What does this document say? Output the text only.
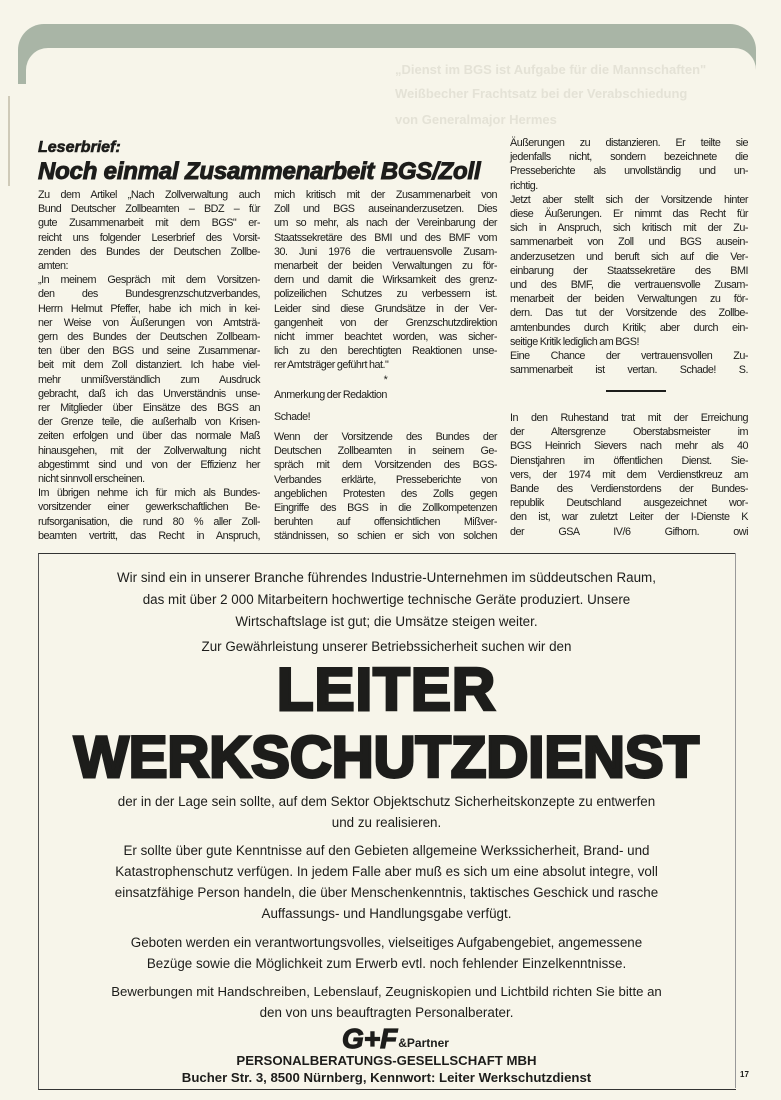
„Dienst im BGS ist Aufgabe für die Mannschaften"
Weißbecher Frachtsatz bei der Verabschiedung
von Generalmajor Hermes
Leserbrief:
Noch einmal Zusammenarbeit BGS/Zoll
Zu dem Artikel „Nach Zollverwaltung auch
Bund Deutscher Zollbeamten – BDZ – für
gute Zusammenarbeit mit dem BGS" er-
reicht uns folgender Leserbrief des Vorsit-
zenden des Bundes der Deutschen Zollbe-
amten:
„In meinem Gespräch mit dem Vorsitzen-
den des Bundesgrenzschutzverbandes,
Herrn Helmut Pfeffer, habe ich mich in kei-
ner Weise von Äußerungen von Amtsträ-
gern des Bundes der Deutschen Zollbeam-
ten über den BGS und seine Zusammenar-
beit mit dem Zoll distanziert. Ich habe viel-
mehr unmißverständlich zum Ausdruck
gebracht, daß ich das Unverständnis unse-
rer Mitglieder über Einsätze des BGS an
der Grenze teile, die außerhalb von Krisen-
zeiten erfolgen und über das normale Maß
hinausgehen, mit der Zollverwaltung nicht
abgestimmt sind und von der Effizienz her
nicht sinnvoll erscheinen.
Im übrigen nehme ich für mich als Bundes-
vorsitzender einer gewerkschaftlichen Be-
rufsorganisation, die rund 80 % aller Zoll-
beamten vertritt, das Recht in Anspruch,
mich kritisch mit der Zusammenarbeit von
Zoll und BGS auseinanderzusetzen. Dies
um so mehr, als nach der Vereinbarung der
Staatssekretäre des BMI und des BMF vom
30. Juni 1976 die vertrauensvolle Zusam-
menarbeit der beiden Verwaltungen zu för-
dern und damit die Wirksamkeit des grenz-
polizeilichen Schutzes zu verbessern ist.
Leider sind diese Grundsätze in der Ver-
gangenheit von der Grenzschutzdirektion
nicht immer beachtet worden, was sicher-
lich zu den berechtigten Reaktionen unse-
rer Amtsträger geführt hat."
*
Anmerkung der Redaktion
Schade!
Wenn der Vorsitzende des Bundes der
Deutschen Zollbeamten in seinem Ge-
spräch mit dem Vorsitzenden des BGS-
Verbandes erklärte, Presseberichte von
angeblichen Protesten des Zolls gegen
Eingriffe des BGS in die Zollkompetenzen
beruhten auf offensichtlichen Mißver-
ständnissen, so schien er sich von solchen
Äußerungen zu distanzieren. Er teilte sie
jedenfalls nicht, sondern bezeichnete die
Presseberichte als unvollständig und un-
richtig.
Jetzt aber stellt sich der Vorsitzende hinter
diese Äußerungen. Er nimmt das Recht für
sich in Anspruch, sich kritisch mit der Zu-
sammenarbeit von Zoll und BGS ausein-
anderzusetzen und beruft sich auf die Ver-
einbarung der Staatssekretäre des BMI
und des BMF, die vertrauensvolle Zusam-
menarbeit der beiden Verwaltungen zu för-
dern. Das tut der Vorsitzende des Zollbe-
amtenbundes durch Kritik; aber durch ein-
seitige Kritik lediglich am BGS!
Eine Chance der vertrauensvollen Zu-
sammenarbeit ist vertan. Schade! S.
In den Ruhestand trat mit der Erreichung
der Altersgrenze Oberstabsmeister im
BGS Heinrich Sievers nach mehr als 40
Dienstjahren im öffentlichen Dienst. Sie-
vers, der 1974 mit dem Verdienstkreuz am
Bande des Verdienstordens der Bundes-
republik Deutschland ausgezeichnet wor-
den ist, war zuletzt Leiter der I-Dienste K
der GSA IV/6 Gifhorn. owi
Wir sind ein in unserer Branche führendes Industrie-Unternehmen im süddeutschen Raum,
das mit über 2 000 Mitarbeitern hochwertige technische Geräte produziert. Unsere
Wirtschaftslage ist gut; die Umsätze steigen weiter.
Zur Gewährleistung unserer Betriebssicherheit suchen wir den
LEITER
WERKSCHUTZDIENST
der in der Lage sein sollte, auf dem Sektor Objektschutz Sicherheitskonzepte zu entwerfen
und zu realisieren.
Er sollte über gute Kenntnisse auf den Gebieten allgemeine Werkssicherheit, Brand- und
Katastrophenschutz verfügen. In jedem Falle aber muß es sich um eine absolut integre, voll
einsatzfähige Person handeln, die über Menschenkenntnis, taktisches Geschick und rasche
Auffassungs- und Handlungsgabe verfügt.
Geboten werden ein verantwortungsvolles, vielseitiges Aufgabengebiet, angemessene
Bezüge sowie die Möglichkeit zum Erwerb evtl. noch fehlender Einzelkenntnisse.
Bewerbungen mit Handschreiben, Lebenslauf, Zeugniskopien und Lichtbild richten Sie bitte an
den von uns beauftragten Personalberater.
G+F &Partner
PERSONALBERATUNGS-GESELLSCHAFT MBH
Bucher Str. 3, 8500 Nürnberg, Kennwort: Leiter Werkschutzdienst	17
